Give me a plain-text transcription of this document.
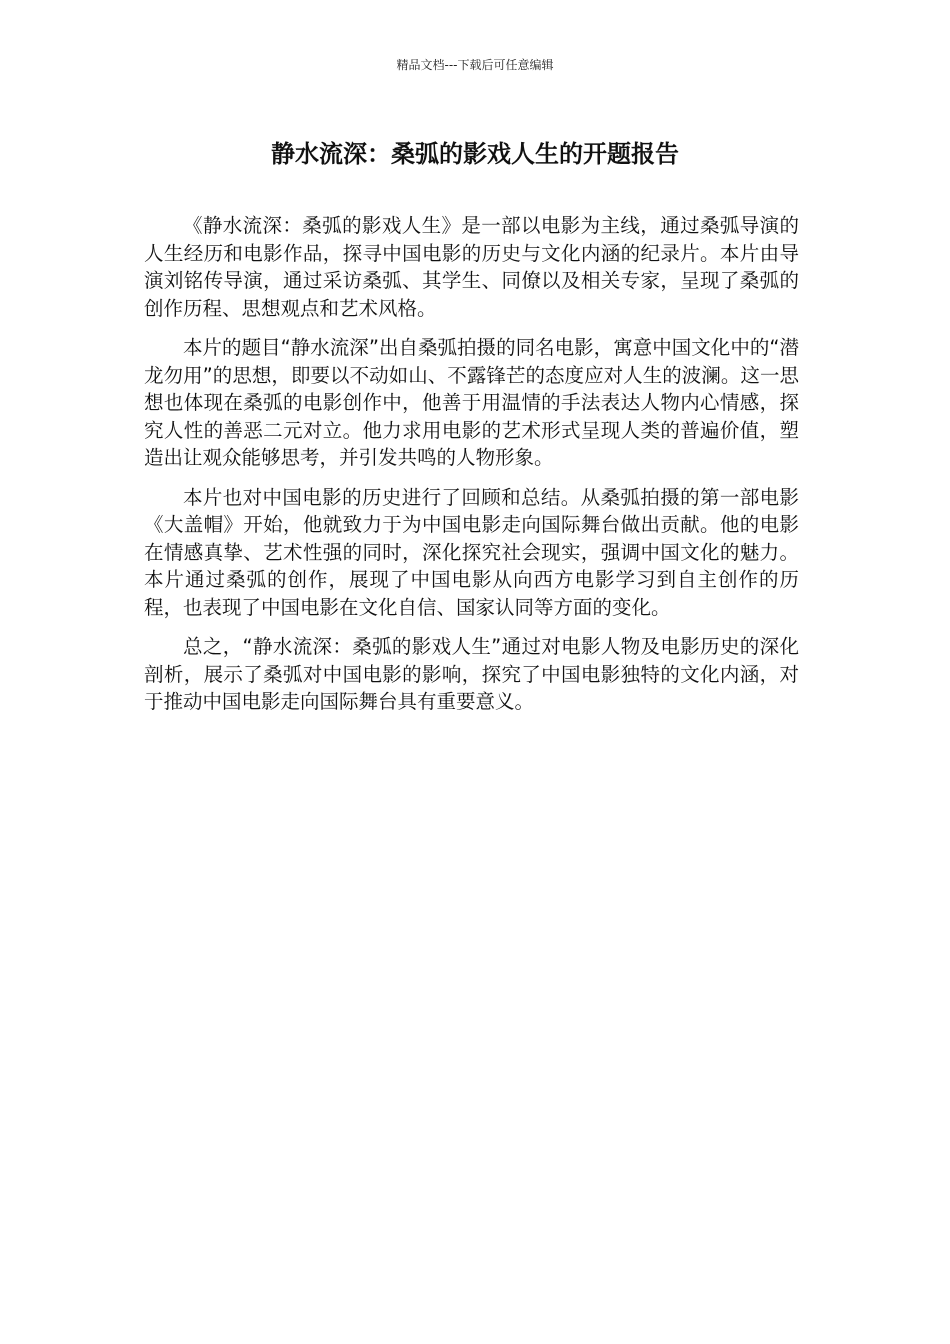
精品文档---下载后可任意编辑
静水流深：桑弧的影戏人生的开题报告

《静水流深：桑弧的影戏人生》是一部以电影为主线，通过桑弧导演的人生经历和电影作品，探寻中国电影的历史与文化内涵的纪录片。本片由导演刘铭传导演，通过采访桑弧、其学生、同僚以及相关专家，呈现了桑弧的创作历程、思想观点和艺术风格。

本片的题目“静水流深”出自桑弧拍摄的同名电影，寓意中国文化中的“潜龙勿用”的思想，即要以不动如山、不露锋芒的态度应对人生的波澜。这一思想也体现在桑弧的电影创作中，他善于用温情的手法表达人物内心情感，探究人性的善恶二元对立。他力求用电影的艺术形式呈现人类的普遍价值，塑造出让观众能够思考，并引发共鸣的人物形象。

本片也对中国电影的历史进行了回顾和总结。从桑弧拍摄的第一部电影《大盖帽》开始，他就致力于为中国电影走向国际舞台做出贡献。他的电影在情感真挚、艺术性强的同时，深化探究社会现实，强调中国文化的魅力。本片通过桑弧的创作，展现了中国电影从向西方电影学习到自主创作的历程，也表现了中国电影在文化自信、国家认同等方面的变化。

总之，“静水流深：桑弧的影戏人生”通过对电影人物及电影历史的深化剖析，展示了桑弧对中国电影的影响，探究了中国电影独特的文化内涵，对于推动中国电影走向国际舞台具有重要意义。
